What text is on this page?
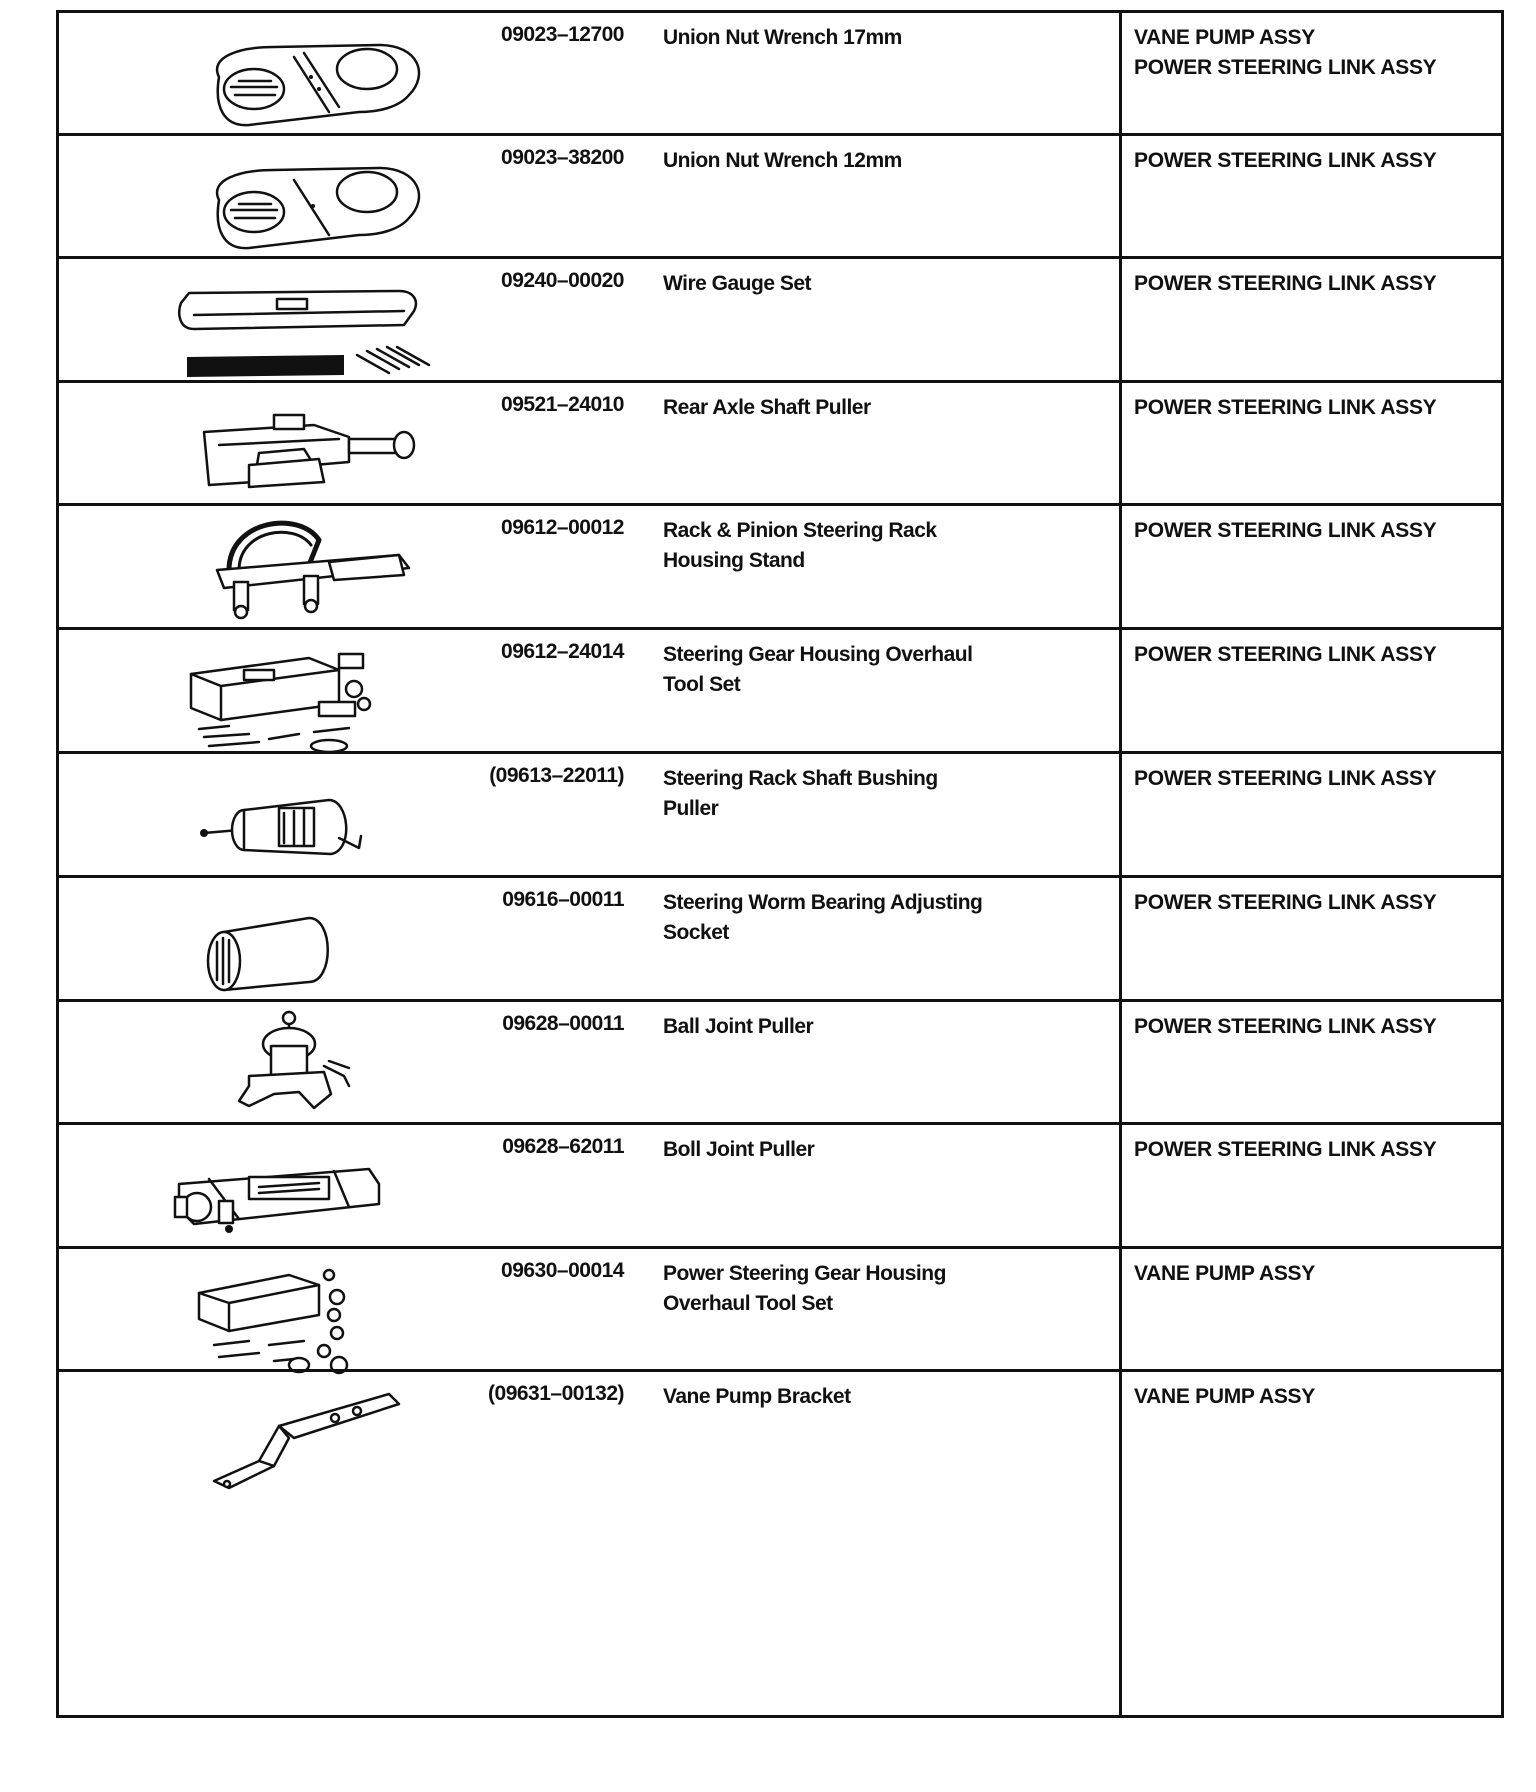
09023–12700 Union Nut Wrench 17mm	VANE PUMP ASSY
POWER STEERING LINK ASSY
09023–38200 Union Nut Wrench 12mm	POWER STEERING LINK ASSY
09240–00020 Wire Gauge Set	POWER STEERING LINK ASSY
09521–24010 Rear Axle Shaft Puller	POWER STEERING LINK ASSY
09612–00012 Rack & Pinion Steering Rack
Housing Stand
POWER STEERING LINK ASSY
09612–24014 Steering Gear Housing Overhaul
Tool Set
POWER STEERING LINK ASSY
(09613–22011) Steering Rack Shaft Bushing
Puller
POWER STEERING LINK ASSY
09616–00011 Steering Worm Bearing Adjusting
Socket
POWER STEERING LINK ASSY
09628–00011 Ball Joint Puller	POWER STEERING LINK ASSY
09628–62011 Boll Joint Puller	POWER STEERING LINK ASSY
09630–00014 Power Steering Gear Housing
Overhaul Tool Set
VANE PUMP ASSY
(09631–00132) Vane Pump Bracket	VANE PUMP ASSY
